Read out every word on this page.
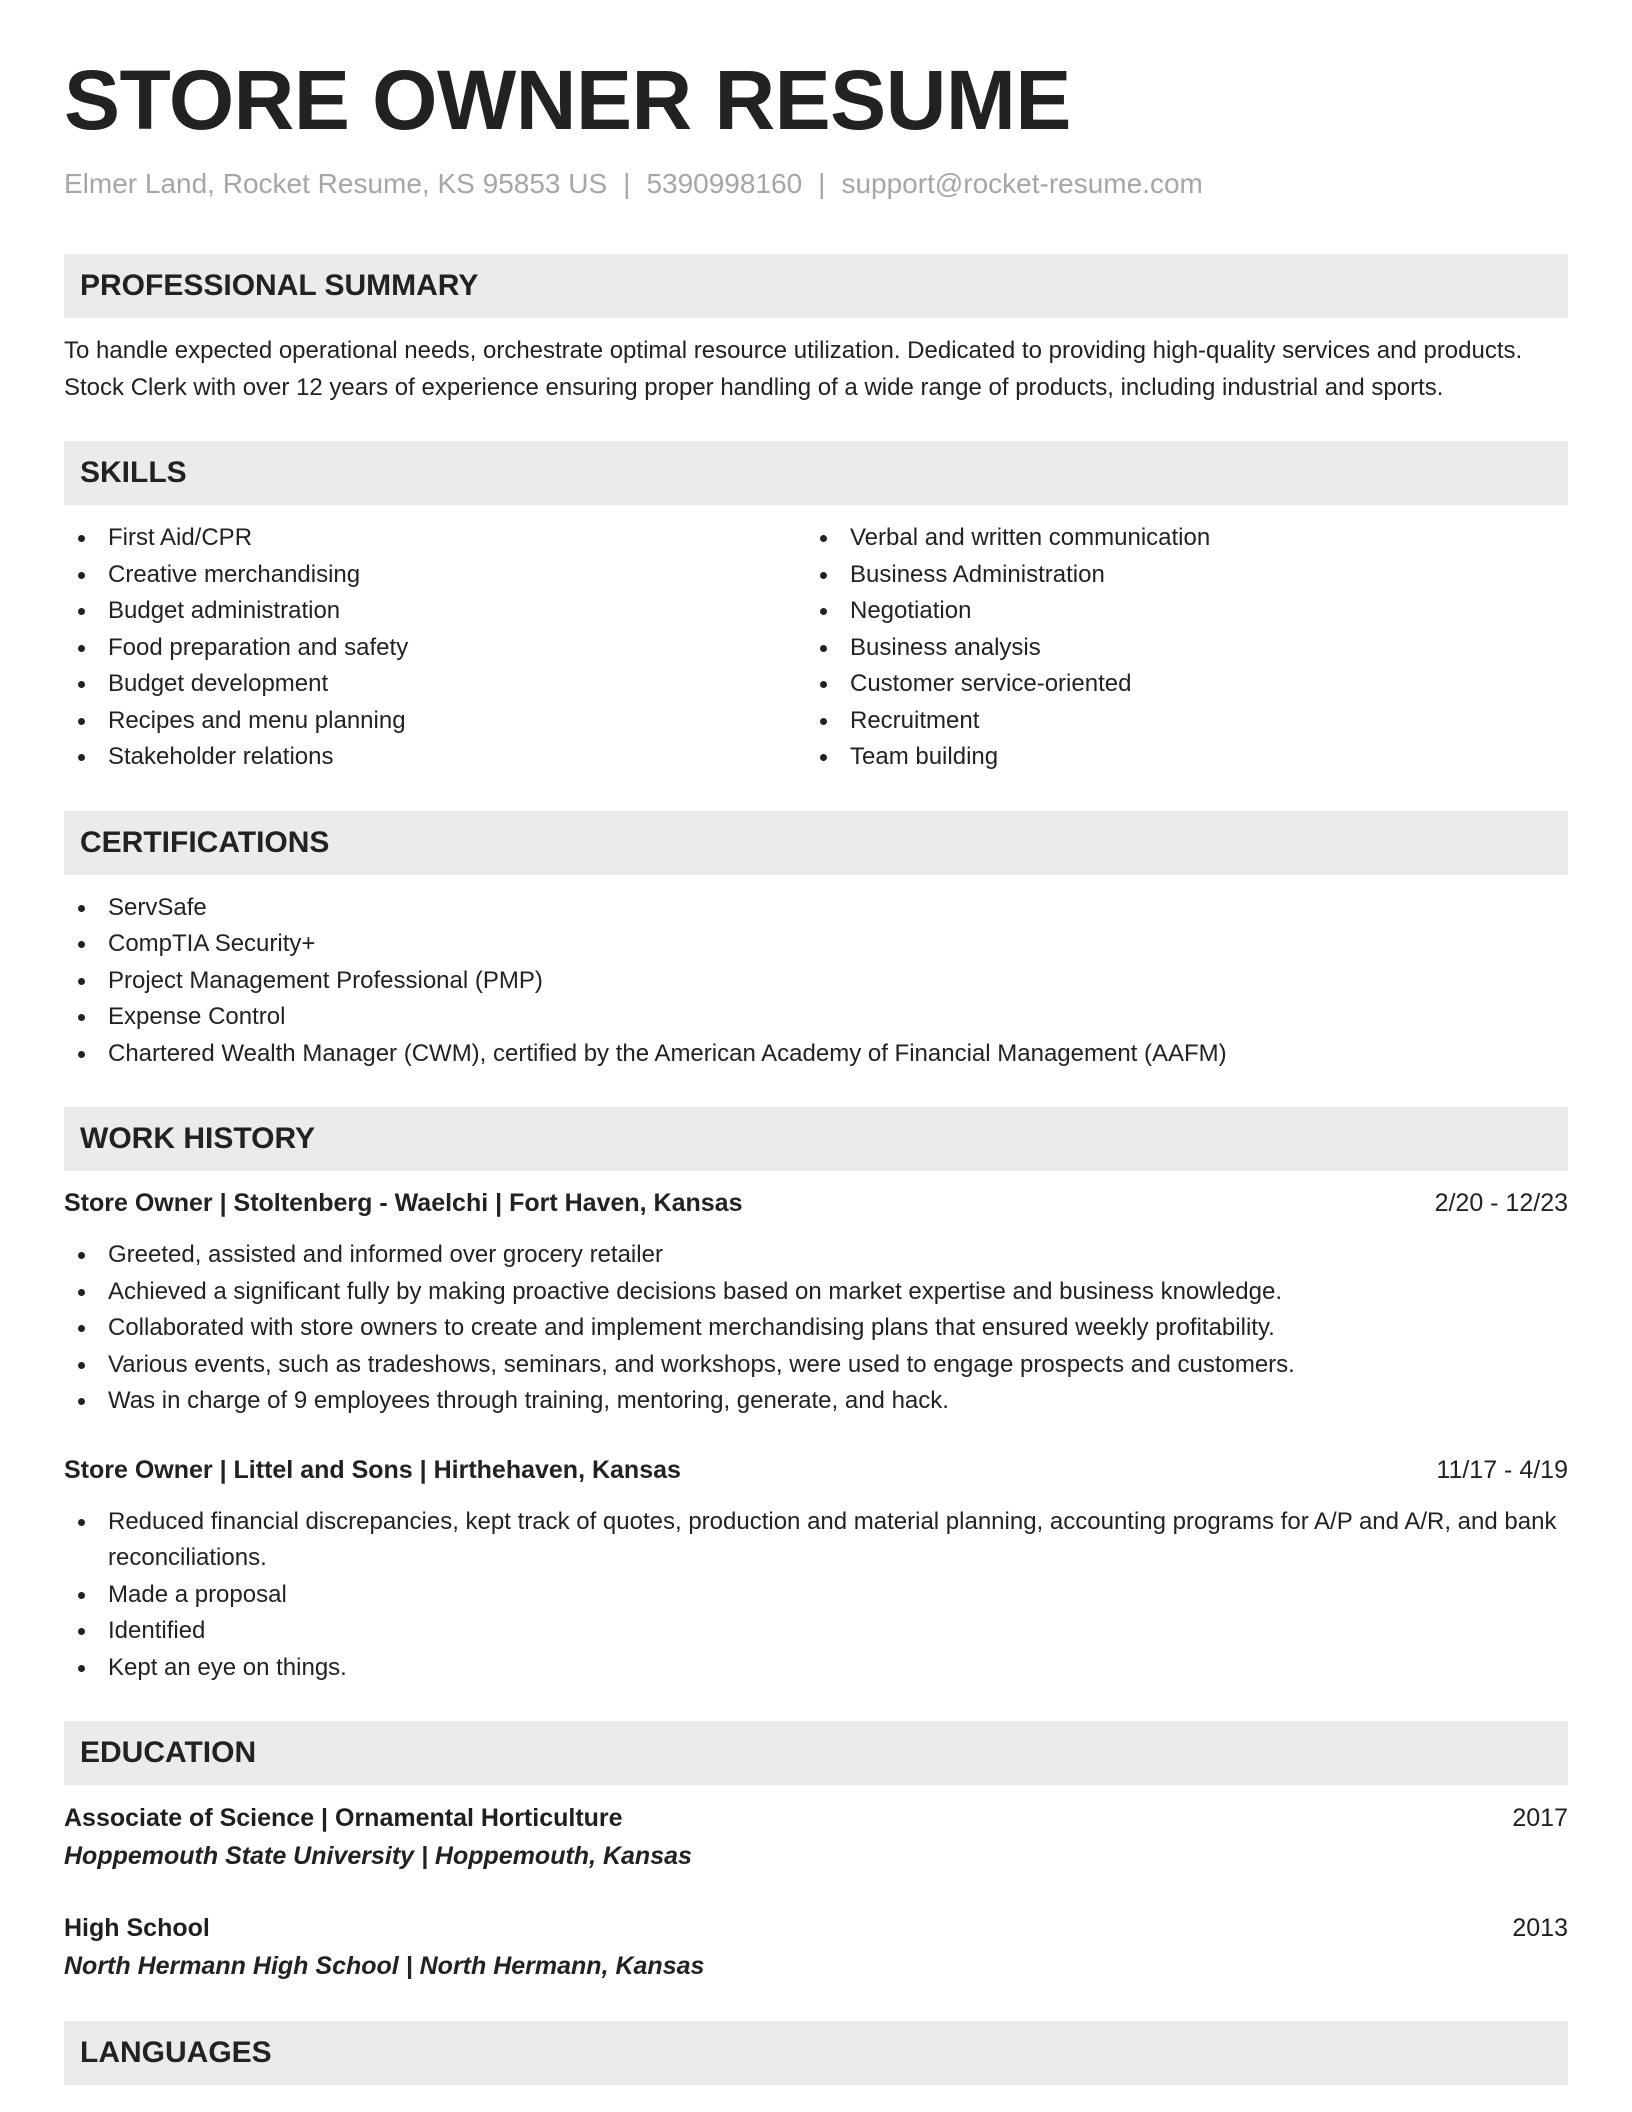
STORE OWNER RESUME
Elmer Land, Rocket Resume, KS 95853 US | 5390998160 | support@rocket-resume.com
PROFESSIONAL SUMMARY

To handle expected operational needs, orchestrate optimal resource utilization. Dedicated to providing high-quality services and products. Stock Clerk with over 12 years of experience ensuring proper handling of a wide range of products, including industrial and sports.

SKILLS
First Aid/CPR
Creative merchandising
Budget administration
Food preparation and safety
Budget development
Recipes and menu planning
Stakeholder relations
Verbal and written communication
Business Administration
Negotiation
Business analysis
Customer service-oriented
Recruitment
Team building
CERTIFICATIONS
ServSafe
CompTIA Security+
Project Management Professional (PMP)
Expense Control
Chartered Wealth Manager (CWM), certified by the American Academy of Financial Management (AAFM)
WORK HISTORY
Store Owner | Stoltenberg - Waelchi | Fort Haven, Kansas	2/20 - 12/23
Greeted, assisted and informed over grocery retailer
Achieved a significant fully by making proactive decisions based on market expertise and business knowledge.
Collaborated with store owners to create and implement merchandising plans that ensured weekly profitability.
Various events, such as tradeshows, seminars, and workshops, were used to engage prospects and customers.
Was in charge of 9 employees through training, mentoring, generate, and hack.
Store Owner | Littel and Sons | Hirthehaven, Kansas	11/17 - 4/19
Reduced financial discrepancies, kept track of quotes, production and material planning, accounting programs for A/P and A/R, and bank reconciliations.
Made a proposal
Identified
Kept an eye on things.
EDUCATION
Associate of Science | Ornamental Horticulture	2017
Hoppemouth State University | Hoppemouth, Kansas
High School	2013
North Hermann High School | North Hermann, Kansas
LANGUAGES
